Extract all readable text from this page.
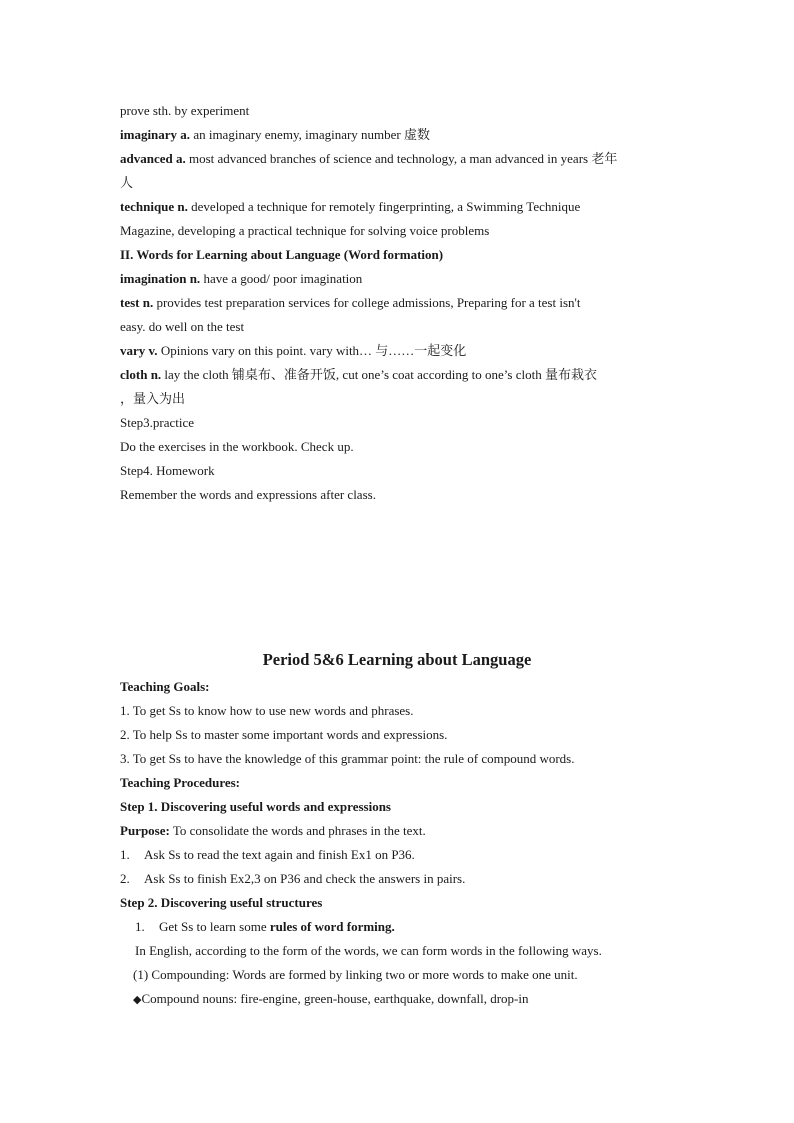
prove sth. by experiment
imaginary a. an imaginary enemy, imaginary number 虚数
advanced a. most advanced branches of science and technology, a man advanced in years 老年
人
technique n. developed a technique for remotely fingerprinting, a Swimming Technique
Magazine, developing a practical technique for solving voice problems
II. Words for Learning about Language (Word formation)
imagination n. have a good/ poor imagination
test n. provides test preparation services for college admissions, Preparing for a test isn't
easy. do well on the test
vary v. Opinions vary on this point. vary with… 与……一起变化
cloth n. lay the cloth 铺桌布、准备开饭, cut one’s coat according to one’s cloth 量布栽衣
，量入为出
Step3.practice
Do the exercises in the workbook. Check up.
Step4. Homework
Remember the words and expressions after class.
Period 5&6 Learning about Language
Teaching Goals:
1. To get Ss to know how to use new words and phrases.
2. To help Ss to master some important words and expressions.
3. To get Ss to have the knowledge of this grammar point: the rule of compound words.
Teaching Procedures:
Step 1. Discovering useful words and expressions
Purpose: To consolidate the words and phrases in the text.
1. Ask Ss to read the text again and finish Ex1 on P36.
2. Ask Ss to finish Ex2,3 on P36 and check the answers in pairs.
Step 2. Discovering useful structures
1. Get Ss to learn some rules of word forming.
In English, according to the form of the words, we can form words in the following ways.
(1) Compounding: Words are formed by linking two or more words to make one unit.
◆Compound nouns: fire-engine, green-house, earthquake, downfall, drop-in
